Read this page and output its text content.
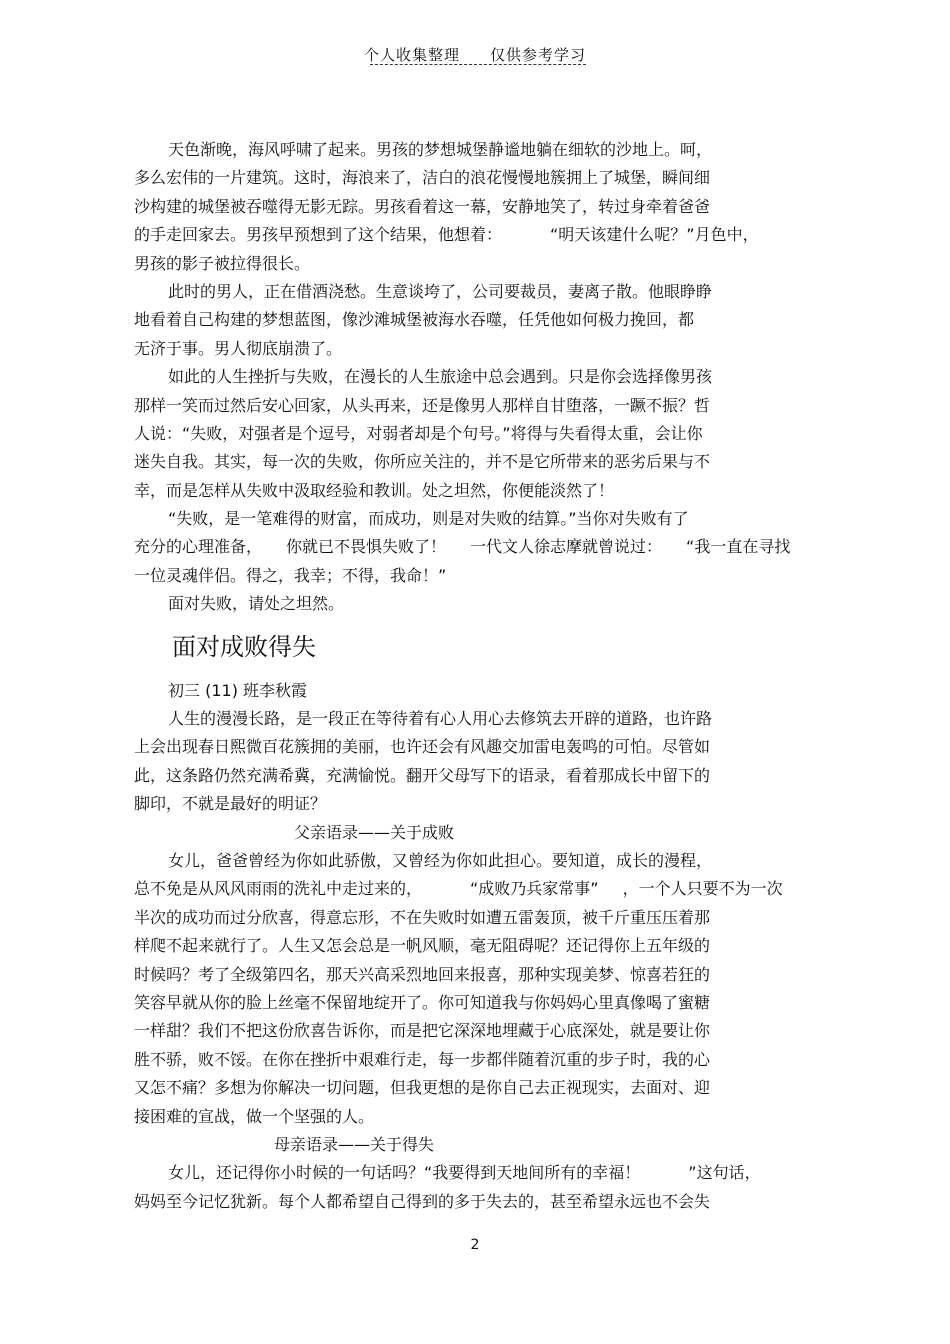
个人收集整理 仅供参考学习
天色渐晚，海风呼啸了起来。男孩的梦想城堡静谧地躺在细软的沙地上。呵，
多么宏伟的一片建筑。这时，海浪来了，洁白的浪花慢慢地簇拥上了城堡，瞬间细
沙构建的城堡被吞噬得无影无踪。男孩看着这一幕，安静地笑了，转过身牵着爸爸
的手走回家去。男孩早预想到了这个结果，他想着：	“明天该建什么呢？”月色中，
男孩的影子被拉得很长。
此时的男人，正在借酒浇愁。生意谈垮了，公司要裁员，妻离子散。他眼睁睁
地看着自己构建的梦想蓝图，像沙滩城堡被海水吞噬，任凭他如何极力挽回，都
无济于事。男人彻底崩溃了。
如此的人生挫折与失败，在漫长的人生旅途中总会遇到。只是你会选择像男孩
那样一笑而过然后安心回家，从头再来，还是像男人那样自甘堕落，一蹶不振？哲
人说：“失败，对强者是个逗号，对弱者却是个句号。”将得与失看得太重，会让你
迷失自我。其实，每一次的失败，你所应关注的，并不是它所带来的恶劣后果与不
幸，而是怎样从失败中汲取经验和教训。处之坦然，你便能淡然了！
“失败，是一笔难得的财富，而成功，则是对失败的结算。”当你对失败有了
充分的心理准备， 你就已不畏惧失败了！ 一代文人徐志摩就曾说过： “我一直在寻找
一位灵魂伴侣。得之，我幸；不得，我命！”
面对失败，请处之坦然。
面对成败得失
初三 (11) 班李秋霞
人生的漫漫长路，是一段正在等待着有心人用心去修筑去开辟的道路，也许路
上会出现春日熙微百花簇拥的美丽，也许还会有风趣交加雷电轰鸣的可怕。尽管如
此，这条路仍然充满希冀，充满愉悦。翻开父母写下的语录，看着那成长中留下的
脚印，不就是最好的明证？
父亲语录——关于成败
女儿，爸爸曾经为你如此骄傲，又曾经为你如此担心。要知道，成长的漫程，
总不免是从风风雨雨的洗礼中走过来的，	“成败乃兵家常事” ，一个人只要不为一次
半次的成功而过分欣喜，得意忘形，不在失败时如遭五雷轰顶，被千斤重压压着那
样爬不起来就行了。人生又怎会总是一帆风顺，毫无阻碍呢？还记得你上五年级的
时候吗？考了全级第四名，那天兴高采烈地回来报喜，那种实现美梦、惊喜若狂的
笑容早就从你的脸上丝毫不保留地绽开了。你可知道我与你妈妈心里真像喝了蜜糖
一样甜？我们不把这份欣喜告诉你，而是把它深深地埋藏于心底深处，就是要让你
胜不骄，败不馁。在你在挫折中艰难行走，每一步都伴随着沉重的步子时，我的心
又怎不痛？多想为你解决一切问题，但我更想的是你自己去正视现实，去面对、迎
接困难的宣战，做一个坚强的人。
母亲语录——关于得失
女儿，还记得你小时候的一句话吗？“我要得到天地间所有的幸福！	”这句话，
妈妈至今记忆犹新。每个人都希望自己得到的多于失去的，甚至希望永远也不会失
2
